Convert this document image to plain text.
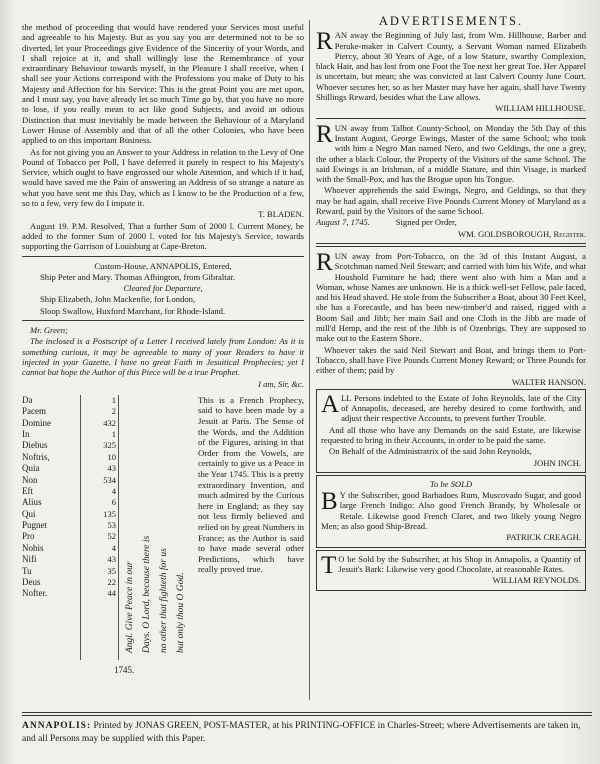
the method of proceeding that would have rendered your Services most useful and agreeable to his Majesty. But as you say you are determined not to be so diverted, let your Proceedings give Evidence of the Sincerity of your Words, and I shall rejoice at it, and shall willingly lose the Remembrance of your extraordinary Behaviour towards myself, in the Pleasure I shall receive, when I shall see your Actions correspond with the Professions you make of Duty to his Majesty and Affection for his Service: This is the great Point you are met upon, and I must say, you have already let so much Time go by, that you have no more to lose, if you really mean to act like good Subjects, and avoid an odious Distinction that must inevitably be made between the Behaviour of a Maryland Lower House of Assembly and that of all the other Colonies, who have been applied to on this important Business.

As for not giving you an Answer to your Address in relation to the Levy of One Pound of Tobacco per Poll, I have deferred it purely in respect to his Majesty's Service, which ought to have engrossed our whole Attention, and which if it had, would have saved me the Pain of answering an Address of so strange a nature as what you have sent me this Day, which as I know to be the Production of a few, so to a few, very few do I impute it.

T. BLADEN.

August 19. P.M. Resolved, That a further Sum of 2000 l. Current Money, be added to the former Sum of 2000 l. voted for his Majesty's Service, towards supporting the Garrison of Louisburg at Cape-Breton.

Custom-House, ANNAPOLIS, Entered,

Ship Peter and Mary. Thomas Afhington, from Gibraltar.

Cleared for Departure,

Ship Elizabeth, John Mackenfie, for London,

Sloop Swallow, Huxford Marchant, for Rhode-Island.

Mr. Green;

The inclosed is a Postscript of a Letter I received lately from London: As it is something curious, it may be agreeable to many of your Readers to have it injected in your Gazette. I have no great Faith in Jesuitical Prophecies; yet I cannot but hope the Author of this Piece will be a true Prophet.

I am, Sir, &c.

Da
Pacem
Domine
In
Diebus
Noftris,
Quia
Non
Eft
Alius
Qui
Pugnet
Pro
Nobis
Nifi
Tu
Deus
Nofter.
1
2
432
1
325
10
43
534
4
6
135
53
52
4
43
35
22
44 Angl. Give Peace in our Days. O Lord, because there is no other that fighteth for us but only thou O God.
This is a French Prophecy, said to have been made by a Jesuit at Paris. The Sense of the Words, and the Addition of the Figures, arising in that Order from the Vowels, are certainly to give us a Peace in the Year 1745. This is a pretty extraordinary Invention, and much admired by the Curious here in England; as they say not less firmly believed and relied on by great Numbers in France; as the Author is said to have made several other Predictions, which have really proved true.
1745.

ADVERTISEMENTS.

R AN away the Beginning of July last, from Wm. Hillhouse, Barber and Peruke-maker in Calvert County, a Servant Woman named Elizabeth Piercy, about 30 Years of Age, of a low Stature, swarthy Complexion, black Hair, and has lost from one Foot the Toe next her great Toe. Her Apparel is uncertain, but mean; she was convicted at last Calvert County June Court. Whoever secures her, so as her Master may have her again, shall have Twenty Shillings Reward, besides what the Law allows.

WILLIAM HILLHOUSE.

R UN away from Talbot County-School, on Monday the 5th Day of this Instant August, George Ewings, Master of the same School; who took with him a Negro Man named Nero, and two Geldings, the one a grey, the other a black Colour, the Property of the Visitors of the same School. The said Ewings is an Irishman, of a middle Stature, and thin Visage, is marked with the Small-Pox, and has the Brogue upon his Tongue.

Whoever apprehends the said Ewings, Negro, and Geldings, so that they may be had again, shall receive Five Pounds Current Money of Maryland as a Reward, paid by the Visitors of the same School.

August 7, 1745.	Signed per Order,

WM. GOLDSBOROUGH, Register.

R UN away from Port-Tobacco, on the 3d of this Instant August, a Scotchman named Neil Stewart; and carried with him his Wife, and what Houshold Furniture he had; there went also with him a Man and a Woman, whose Names are unknown. He is a thick well-set Fellow, pale faced, and his Head shaved. He stole from the Subscriber a Boat, about 30 Feet Keel, she has a Forecastle, and has been new-timber'd and raised, rigged with a Boom Sail and Jibb; her main Sail and one Cloth in the Jibb are made of mill'd Hemp, and the rest of the Jibb is of Ozenbrigs. They are supposed to make out to the Eastern Shore.

Whoever takes the said Neil Stewart and Boat, and brings them to Port-Tobacco, shall have Five Pounds Current Money Reward; or Three Pounds for either of them; paid by

WALTER HANSON.

A LL Persons indebted to the Estate of John Reynolds, late of the City of Annapolis, deceased, are hereby desired to come forthwith, and adjust their respective Accounts, to prevent further Trouble.

And all those who have any Demands on the said Estate, are likewise requested to bring in their Accounts, in order to be paid the same.

On Behalf of the Administratrix of the said John Reynolds,

JOHN INCH.

To be SOLD

B Y the Subscriber, good Barbadoes Rum, Muscovado Sugar, and good large French Indigo: Also good French Brandy, by Wholesale or Retale. Likewise good French Claret, and two likely young Negro Men; as also good Ship-Bread.

PATRICK CREAGH.

T O be Sold by the Subscriber, at his Shop in Annapolis, a Quantity of Jesuit's Bark: Likewise very good Chocolate, at reasonable Rates.

WILLIAM REYNOLDS.

ANNAPOLIS: Printed by JONAS GREEN, POST-MASTER, at his PRINTING-OFFICE in Charles-Street; where Advertisements are taken in, and all Persons may be supplied with this Paper.
